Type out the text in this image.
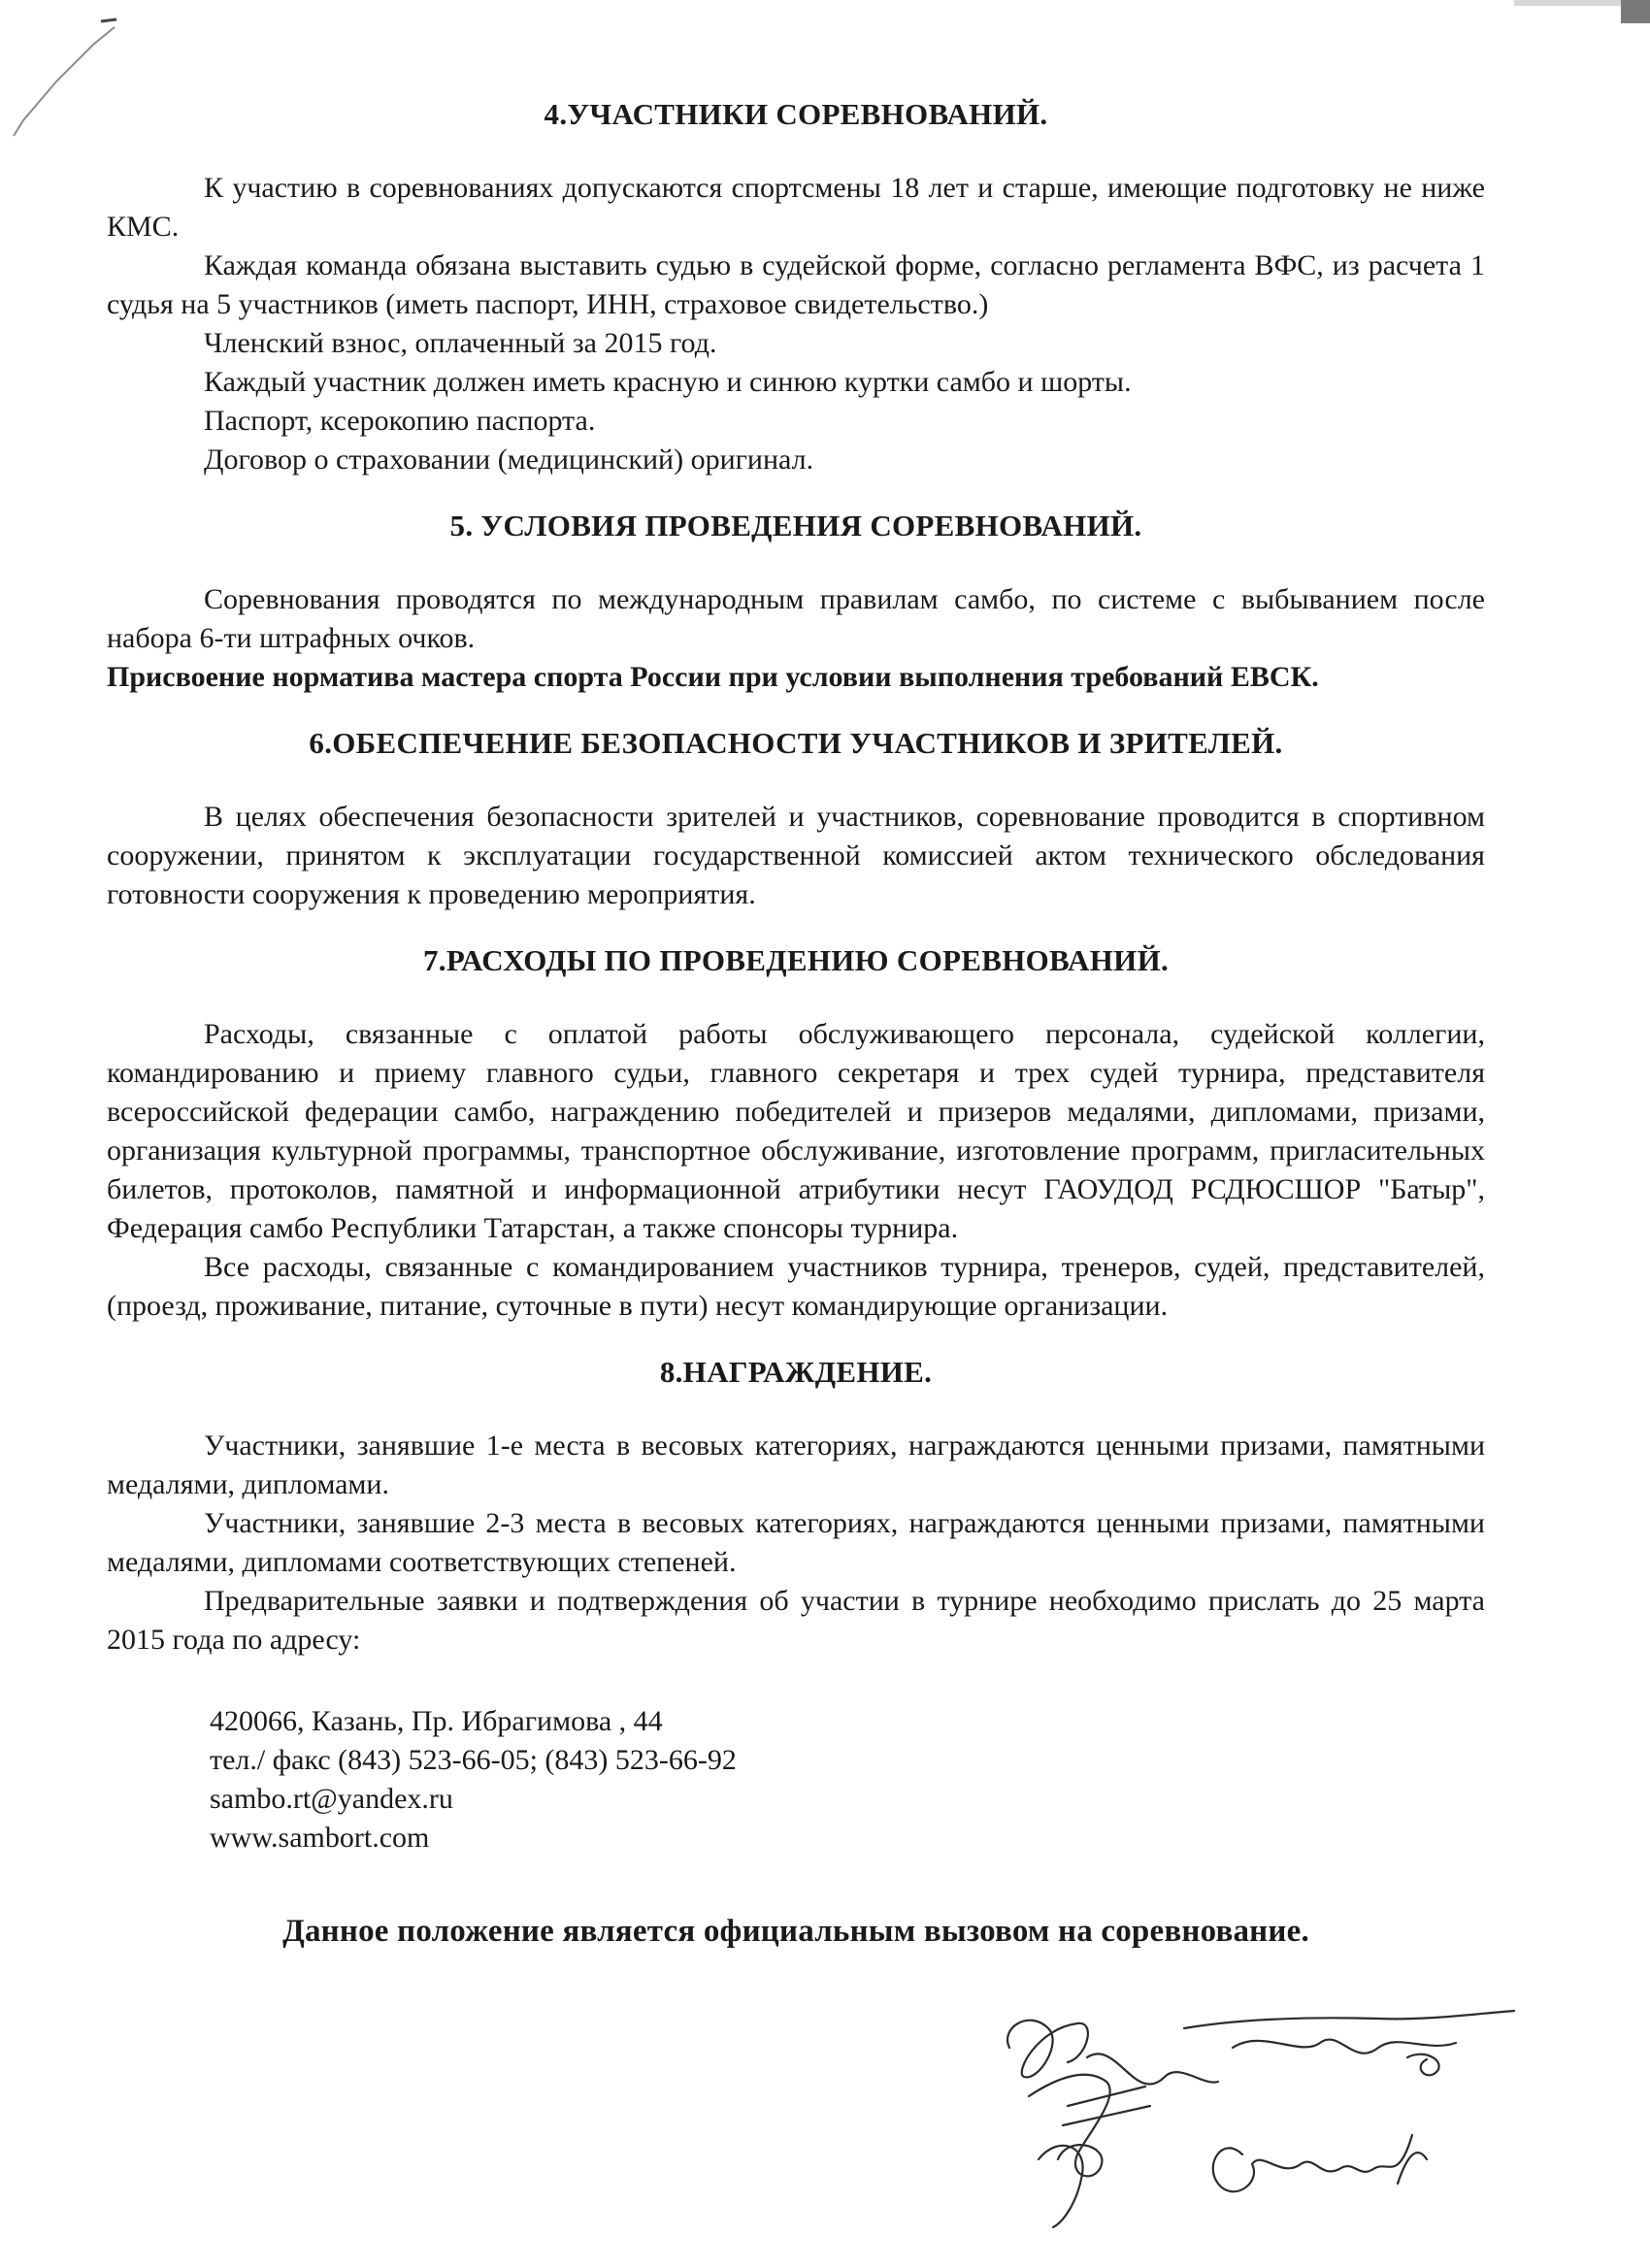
4.УЧАСТНИКИ СОРЕВНОВАНИЙ.

К участию в соревнованиях допускаются спортсмены 18 лет и старше, имеющие подготовку не ниже КМС.

Каждая команда обязана выставить судью в судейской форме, согласно регламента ВФС, из расчета 1 судья на 5 участников (иметь паспорт, ИНН, страховое свидетельство.)

Членский взнос, оплаченный за 2015 год.

Каждый участник должен иметь красную и синюю куртки самбо и шорты.

Паспорт, ксерокопию паспорта.

Договор о страховании (медицинский) оригинал.

5. УСЛОВИЯ ПРОВЕДЕНИЯ СОРЕВНОВАНИЙ.

Соревнования проводятся по международным правилам самбо, по системе с выбыванием после набора 6-ти штрафных очков.

Присвоение норматива мастера спорта России при условии выполнения требований ЕВСК.

6.ОБЕСПЕЧЕНИЕ БЕЗОПАСНОСТИ УЧАСТНИКОВ И ЗРИТЕЛЕЙ.

В целях обеспечения безопасности зрителей и участников, соревнование проводится в спортивном сооружении, принятом к эксплуатации государственной комиссией актом технического обследования готовности сооружения к проведению мероприятия.

7.РАСХОДЫ ПО ПРОВЕДЕНИЮ СОРЕВНОВАНИЙ.

Расходы, связанные с оплатой работы обслуживающего персонала, судейской коллегии, командированию и приему главного судьи, главного секретаря и трех судей турнира, представителя всероссийской федерации самбо, награждению победителей и призеров медалями, дипломами, призами, организация культурной программы, транспортное обслуживание, изготовление программ, пригласительных билетов, протоколов, памятной и информационной атрибутики несут ГАОУДОД РСДЮСШОР "Батыр", Федерация самбо Республики Татарстан, а также спонсоры турнира.

Все расходы, связанные с командированием участников турнира, тренеров, судей, представителей, (проезд, проживание, питание, суточные в пути) несут командирующие организации.

8.НАГРАЖДЕНИЕ.

Участники, занявшие 1-е места в весовых категориях, награждаются ценными призами, памятными медалями, дипломами.

Участники, занявшие 2-3 места в весовых категориях, награждаются ценными призами, памятными медалями, дипломами соответствующих степеней.

Предварительные заявки и подтверждения об участии в турнире необходимо прислать до 25 марта 2015 года по адресу:

420066, Казань, Пр. Ибрагимова , 44
тел./ факс (843) 523-66-05; (843) 523-66-92
sambo.rt@yandex.ru
www.sambort.com
Данное положение является официальным вызовом на соревнование.
